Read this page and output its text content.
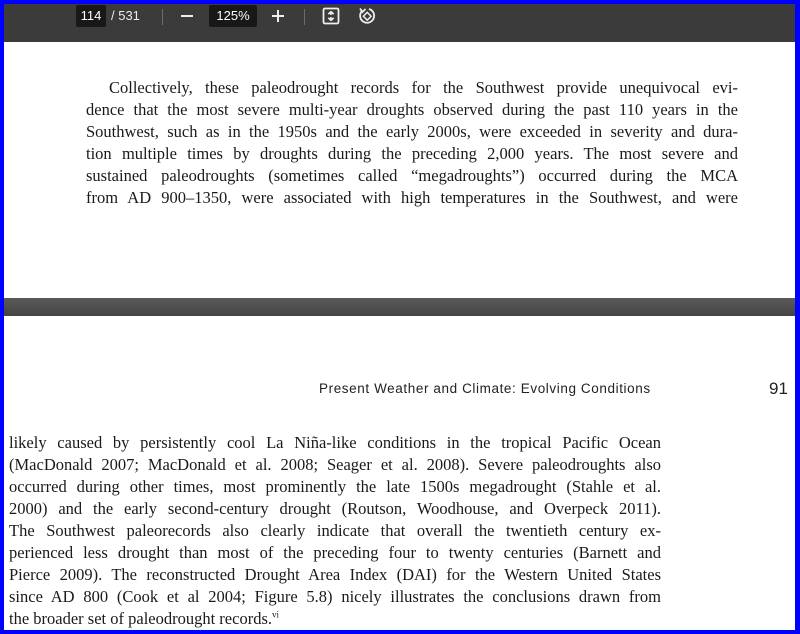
114 / 531	125%
Collectively, these paleodrought records for the Southwest provide unequivocal evi-
dence that the most severe multi-year droughts observed during the past 110 years in the
Southwest, such as in the 1950s and the early 2000s, were exceeded in severity and dura-
tion multiple times by droughts during the preceding 2,000 years. The most severe and
sustained paleodroughts (sometimes called “megadroughts”) occurred during the MCA
from AD 900–1350, were associated with high temperatures in the Southwest, and were
Present Weather and Climate: Evolving Conditions	91
likely caused by persistently cool La Niña-like conditions in the tropical Pacific Ocean
(MacDonald 2007; MacDonald et al. 2008; Seager et al. 2008). Severe paleodroughts also
occurred during other times, most prominently the late 1500s megadrought (Stahle et al.
2000) and the early second-century drought (Routson, Woodhouse, and Overpeck 2011).
The Southwest paleorecords also clearly indicate that overall the twentieth century ex-
perienced less drought than most of the preceding four to twenty centuries (Barnett and
Pierce 2009). The reconstructed Drought Area Index (DAI) for the Western United States
since AD 800 (Cook et al 2004; Figure 5.8) nicely illustrates the conclusions drawn from
the broader set of paleodrought records.$^{vi}$
